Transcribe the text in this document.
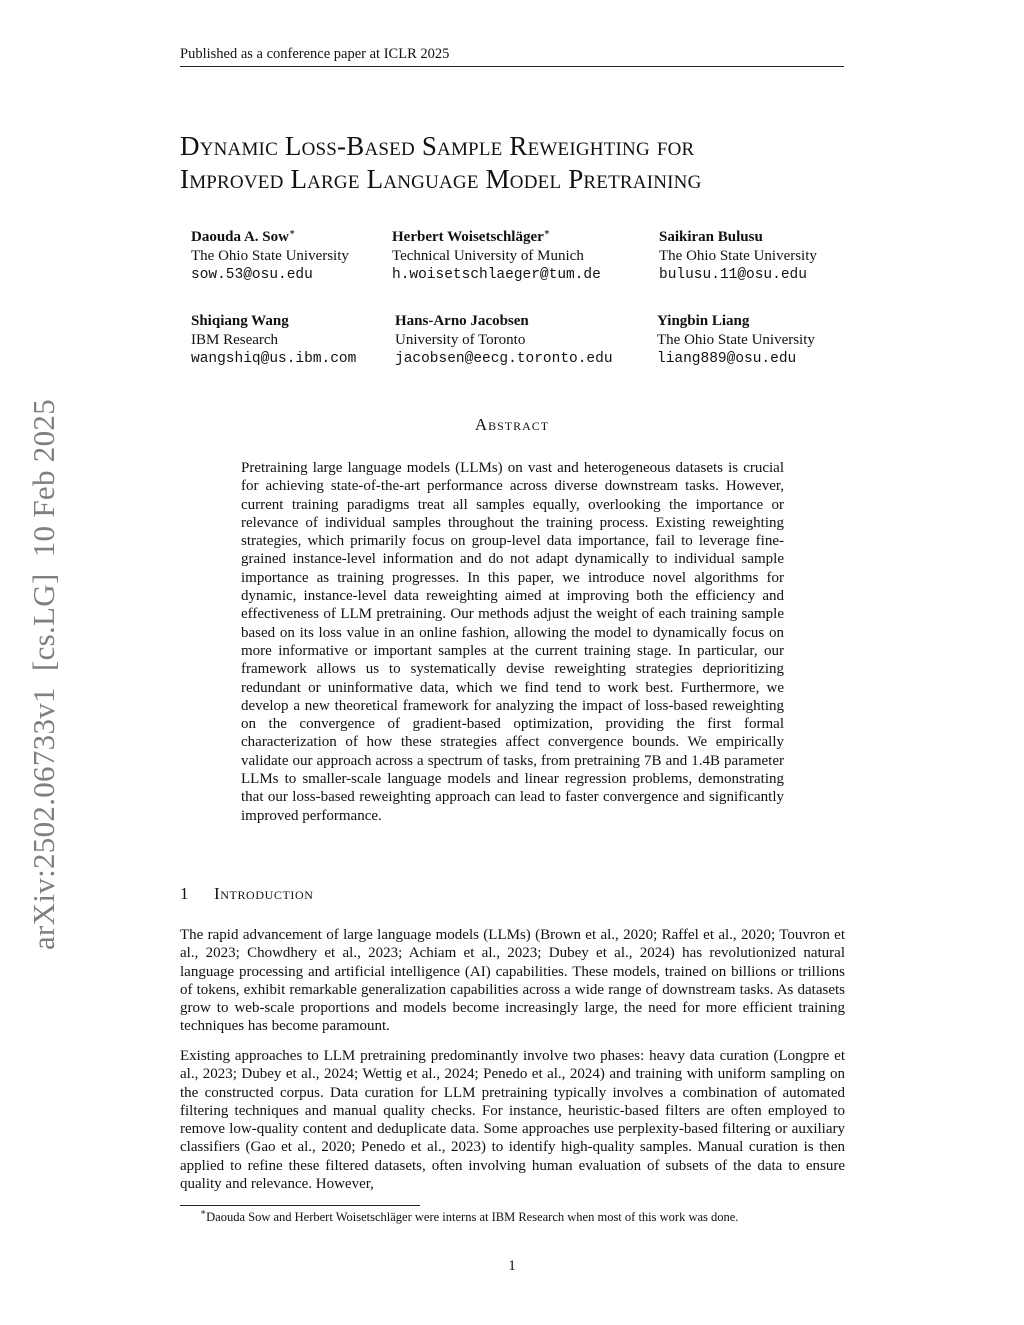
Published as a conference paper at ICLR 2025
Dynamic Loss-Based Sample Reweighting for
Improved Large Language Model Pretraining
Daouda A. Sow∗
The Ohio State University
sow.53@osu.edu
Herbert Woisetschläger∗
Technical University of Munich
h.woisetschlaeger@tum.de
Saikiran Bulusu
The Ohio State University
bulusu.11@osu.edu
Shiqiang Wang
IBM Research
wangshiq@us.ibm.com
Hans-Arno Jacobsen
University of Toronto
jacobsen@eecg.toronto.edu
Yingbin Liang
The Ohio State University
liang889@osu.edu
Abstract
Pretraining large language models (LLMs) on vast and heterogeneous datasets is crucial for achieving state-of-the-art performance across diverse downstream tasks. However, current training paradigms treat all samples equally, overlooking the importance or relevance of individual samples throughout the training process. Existing reweighting strategies, which primarily focus on group-level data importance, fail to leverage fine-grained instance-level information and do not adapt dynamically to individual sample importance as training progresses. In this paper, we introduce novel algorithms for dynamic, instance-level data reweighting aimed at improving both the efficiency and effectiveness of LLM pretraining. Our methods adjust the weight of each training sample based on its loss value in an online fashion, allowing the model to dynamically focus on more informative or important samples at the current training stage. In particular, our framework allows us to systematically devise reweighting strategies deprioritizing redundant or uninformative data, which we find tend to work best. Furthermore, we develop a new theoretical framework for analyzing the impact of loss-based reweighting on the convergence of gradient-based optimization, providing the first formal characterization of how these strategies affect convergence bounds. We empirically validate our approach across a spectrum of tasks, from pretraining 7B and 1.4B parameter LLMs to smaller-scale language models and linear regression problems, demonstrating that our loss-based reweighting approach can lead to faster convergence and significantly improved performance.
1 Introduction
The rapid advancement of large language models (LLMs) (Brown et al., 2020; Raffel et al., 2020; Touvron et al., 2023; Chowdhery et al., 2023; Achiam et al., 2023; Dubey et al., 2024) has revolutionized natural language processing and artificial intelligence (AI) capabilities. These models, trained on billions or trillions of tokens, exhibit remarkable generalization capabilities across a wide range of downstream tasks. As datasets grow to web-scale proportions and models become increasingly large, the need for more efficient training techniques has become paramount.
Existing approaches to LLM pretraining predominantly involve two phases: heavy data curation (Longpre et al., 2023; Dubey et al., 2024; Wettig et al., 2024; Penedo et al., 2024) and training with uniform sampling on the constructed corpus. Data curation for LLM pretraining typically involves a combination of automated filtering techniques and manual quality checks. For instance, heuristic-based filters are often employed to remove low-quality content and deduplicate data. Some approaches use perplexity-based filtering or auxiliary classifiers (Gao et al., 2020; Penedo et al., 2023) to identify high-quality samples. Manual curation is then applied to refine these filtered datasets, often involving human evaluation of subsets of the data to ensure quality and relevance. However,
∗Daouda Sow and Herbert Woisetschläger were interns at IBM Research when most of this work was done.
1
arXiv:2502.06733v1  [cs.LG]  10 Feb 2025
